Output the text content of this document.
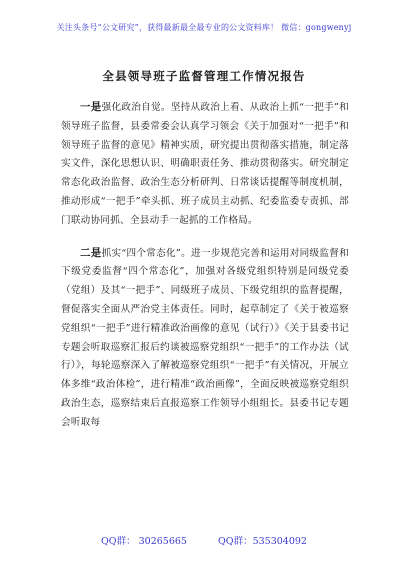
关注头条号“公文研究”，获得最新最全最专业的公文资料库！ 微信：gongwenyj
全县领导班子监督管理工作情况报告

一是强化政治自觉。坚持从政治上看、从政治上抓“一把手”和领导班子监督，县委常委会认真学习领会《关于加强对“一把手”和领导班子监督的意见》精神实质，研究提出贯彻落实措施，制定落实文件，深化思想认识、明确职责任务、推动贯彻落实。研究制定常态化政治监督、政治生态分析研判、日常谈话提醒等制度机制，推动形成“一把手”牵头抓、班子成员主动抓、纪委监委专责抓、部门联动协同抓、全县动手一起抓的工作格局。

二是抓实“四个常态化”。进一步规范完善和运用对同级监督和下级党委监督“四个常态化”，加强对各级党组织特别是同级党委（党组）及其“一把手”、同级班子成员、下级党组织的监督提醒，督促落实全面从严治党主体责任。同时，起草制定了《关于被巡察党组织“一把手”进行精准政治画像的意见（试行）》《关于县委书记专题会听取巡察汇报后约谈被巡察党组织“一把手”的工作办法（试行）》，每轮巡察深入了解被巡察党组织“一把手”有关情况，开展立体多维“政治体检”，进行精准“政治画像”，全面反映被巡察党组织政治生态，巡察结束后直报巡察工作领导小组组长。县委书记专题会听取每

QQ群： 30265665	QQ群：535304092
